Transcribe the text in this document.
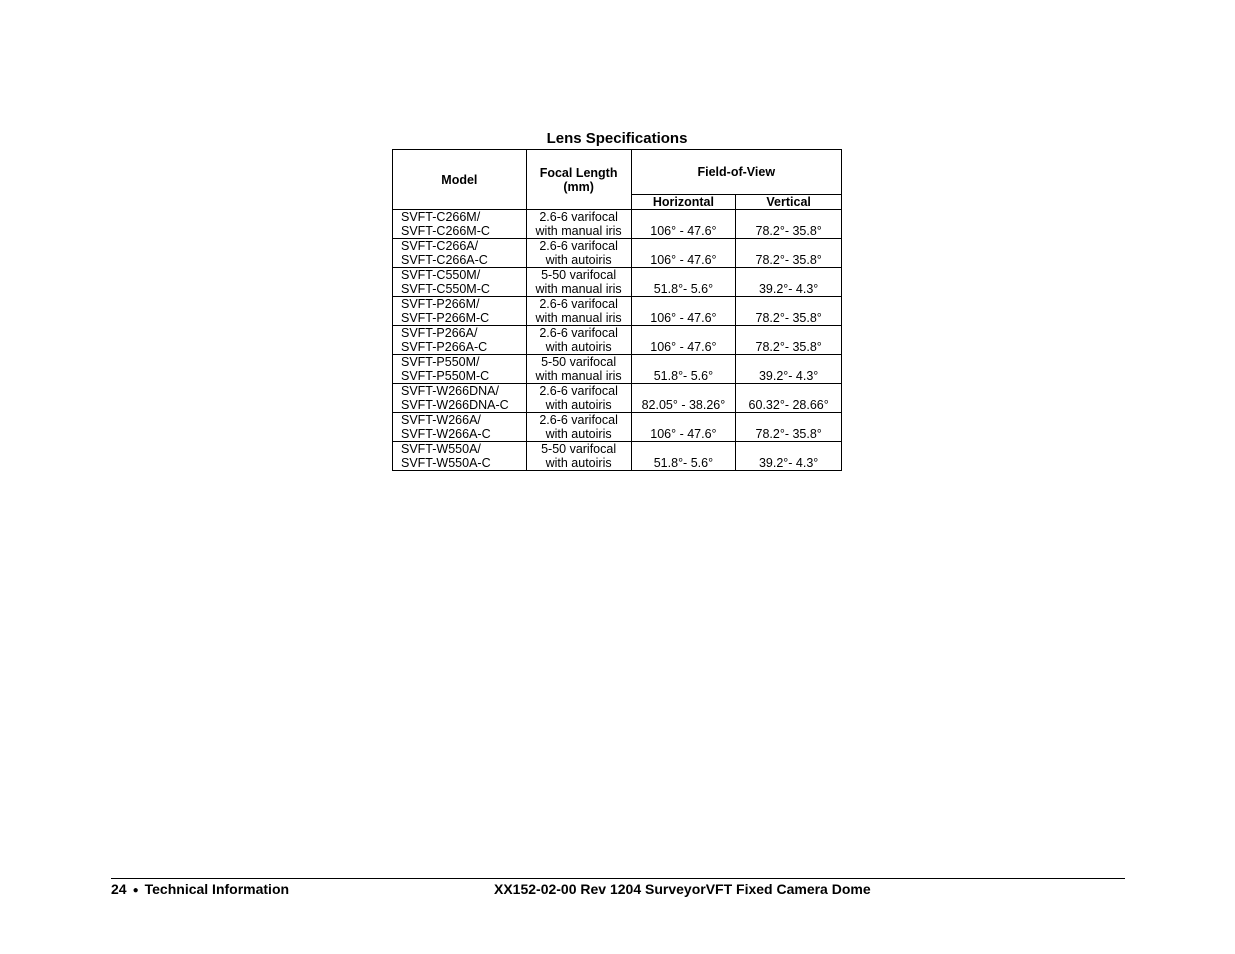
Lens Specifications
Model	Focal Length (mm)	Field-of-View	
		Horizontal	Vertical

SVFT-C266M/
SVFT-C266M-C	2.6-6 varifocal
with manual iris	106° - 47.6°	78.2°- 35.8°

SVFT-C266A/
SVFT-C266A-C	2.6-6 varifocal
with autoiris	106° - 47.6°	78.2°- 35.8°

SVFT-C550M/
SVFT-C550M-C	5-50 varifocal
with manual iris	51.8°- 5.6°	39.2°- 4.3°

SVFT-P266M/
SVFT-P266M-C	2.6-6 varifocal
with manual iris	106° - 47.6°	78.2°- 35.8°

SVFT-P266A/
SVFT-P266A-C	2.6-6 varifocal
with autoiris	106° - 47.6°	78.2°- 35.8°

SVFT-P550M/
SVFT-P550M-C	5-50 varifocal
with manual iris	51.8°- 5.6°	39.2°- 4.3°

SVFT-W266DNA/
SVFT-W266DNA-C	2.6-6 varifocal
with autoiris	82.05° - 38.26°	60.32°- 28.66°

SVFT-W266A/
SVFT-W266A-C	2.6-6 varifocal
with autoiris	106° - 47.6°	78.2°- 35.8°

SVFT-W550A/
SVFT-W550A-C	5-50 varifocal
with autoiris	51.8°- 5.6°	39.2°- 4.3°
24 ● Technical Information	XX152-02-00 Rev 1204 SurveyorVFT Fixed Camera Dome
